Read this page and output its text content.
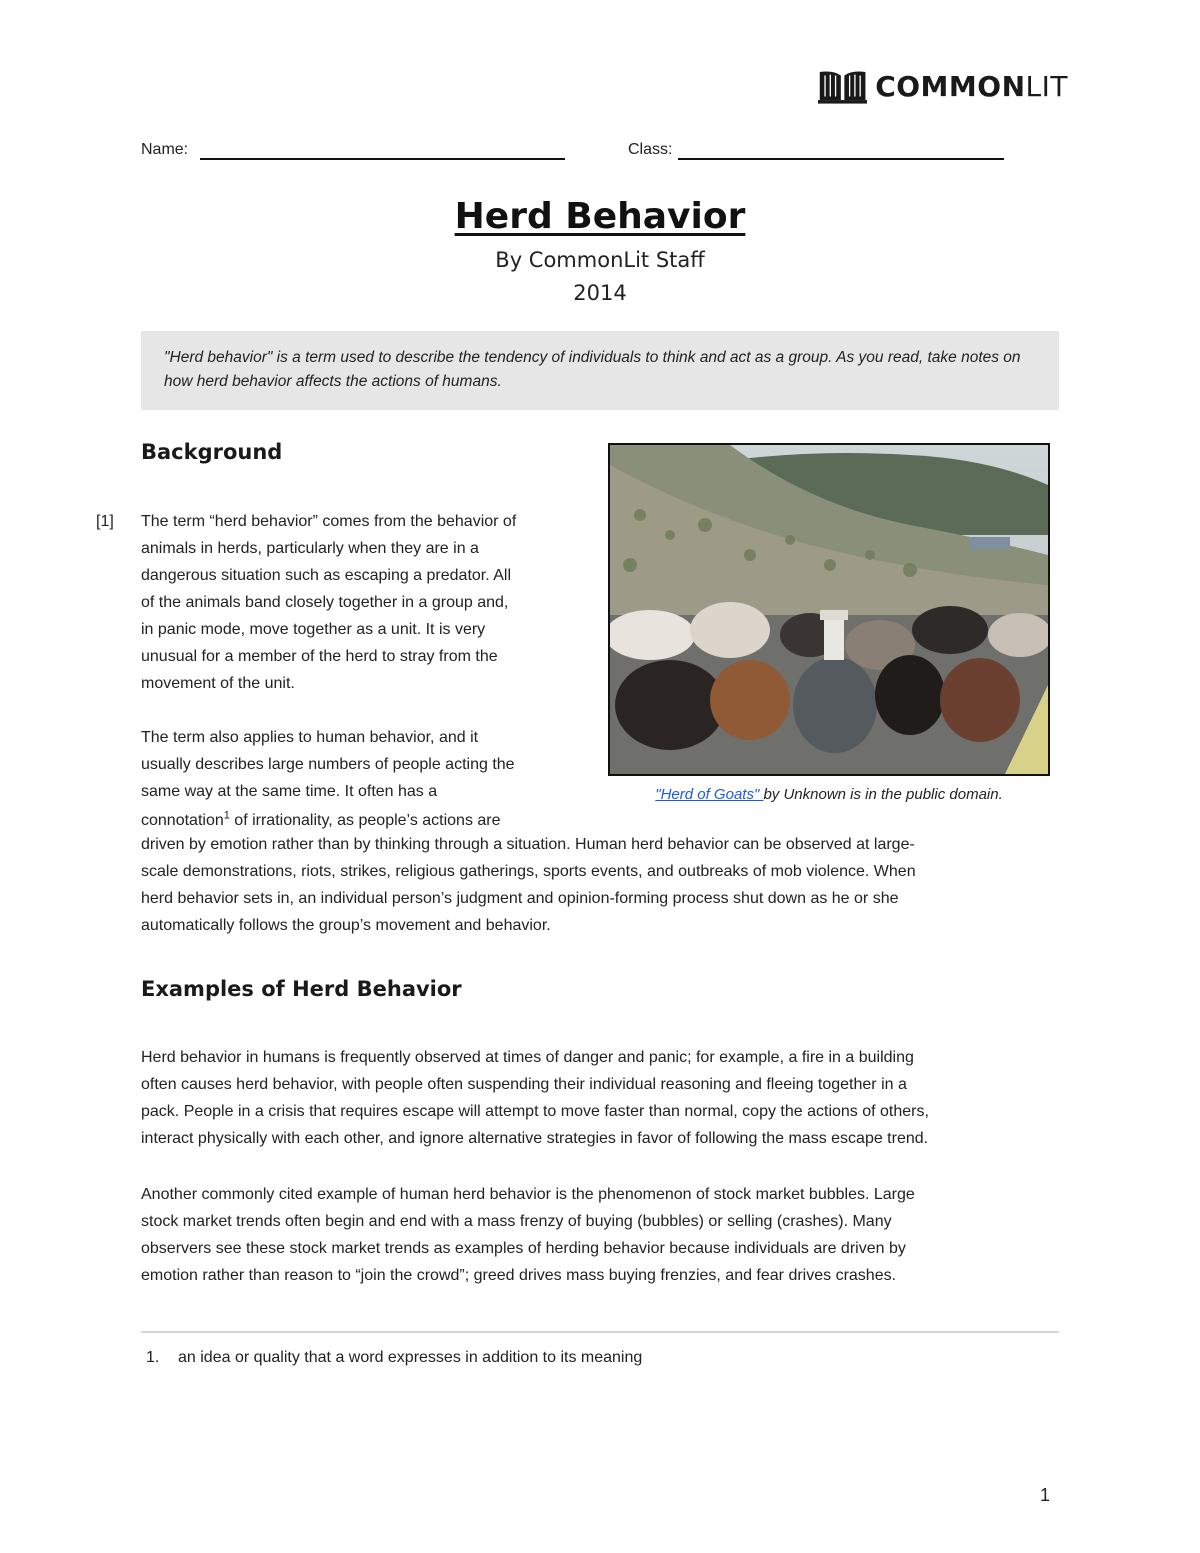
COMMONLIT
Name:	Class:
Herd Behavior
By CommonLit Staff
2014
"Herd behavior" is a term used to describe the tendency of individuals to think and act as a group. As you read, take notes on how herd behavior affects the actions of humans.
Background
[1] The term “herd behavior” comes from the behavior of
animals in herds, particularly when they are in a
dangerous situation such as escaping a predator. All
of the animals band closely together in a group and,
in panic mode, move together as a unit. It is very
unusual for a member of the herd to stray from the
movement of the unit.
The term also applies to human behavior, and it
usually describes large numbers of people acting the
same way at the same time. It often has a
connotation$^1$ of irrationality, as people’s actions are
driven by emotion rather than by thinking through a situation. Human herd behavior can be observed at large-
scale demonstrations, riots, strikes, religious gatherings, sports events, and outbreaks of mob violence. When
herd behavior sets in, an individual person’s judgment and opinion-forming process shut down as he or she
automatically follows the group’s movement and behavior.
"Herd of Goats" by Unknown is in the public domain.
Examples of Herd Behavior
Herd behavior in humans is frequently observed at times of danger and panic; for example, a fire in a building
often causes herd behavior, with people often suspending their individual reasoning and fleeing together in a
pack. People in a crisis that requires escape will attempt to move faster than normal, copy the actions of others,
interact physically with each other, and ignore alternative strategies in favor of following the mass escape trend.
Another commonly cited example of human herd behavior is the phenomenon of stock market bubbles. Large
stock market trends often begin and end with a mass frenzy of buying (bubbles) or selling (crashes). Many
observers see these stock market trends as examples of herding behavior because individuals are driven by
emotion rather than reason to “join the crowd”; greed drives mass buying frenzies, and fear drives crashes.
1. an idea or quality that a word expresses in addition to its meaning
1
